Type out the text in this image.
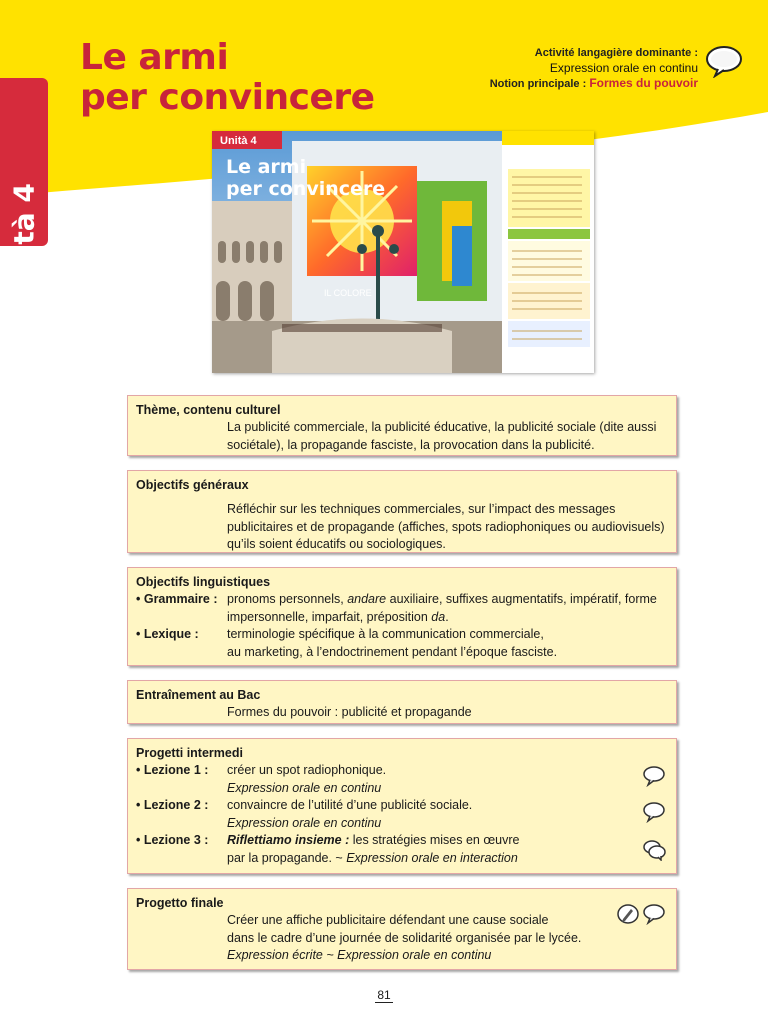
Unità 4
Le armi
per convincere
Activité langagière dominante :
Expression orale en continu
Notion principale : Formes du pouvoir
IL COLORE
Unità 4
Le armi
per convincere
Thème, contenu culturel
La publicité commerciale, la publicité éducative, la publicité sociale (dite aussi sociétale), la propagande fasciste, la provocation dans la publicité.
Objectifs généraux
Réfléchir sur les techniques commerciales, sur l’impact des messages publicitaires et de propagande (affiches, spots radiophoniques ou audiovisuels) qu’ils soient éducatifs ou sociologiques.
Objectifs linguistiques
• Grammaire : pronoms personnels, andare auxiliaire, suffixes augmentatifs, impératif, forme impersonnelle, imparfait, préposition da.
• Lexique :	terminologie spécifique à la communication commerciale,
au marketing, à l’endoctrinement pendant l’époque fasciste.
Entraînement au Bac
Formes du pouvoir : publicité et propagande
Progetti intermedi
• Lezione 1 :	créer un spot radiophonique.
Expression orale en continu
• Lezione 2 :	convaincre de l’utilité d’une publicité sociale.
Expression orale en continu
• Lezione 3 :	Riflettiamo insieme : les stratégies mises en œuvre
par la propagande. ~ Expression orale en interaction
Progetto finale
Créer une affiche publicitaire défendant une cause sociale
dans le cadre d’une journée de solidarité organisée par le lycée.
Expression écrite ~ Expression orale en continu
81
